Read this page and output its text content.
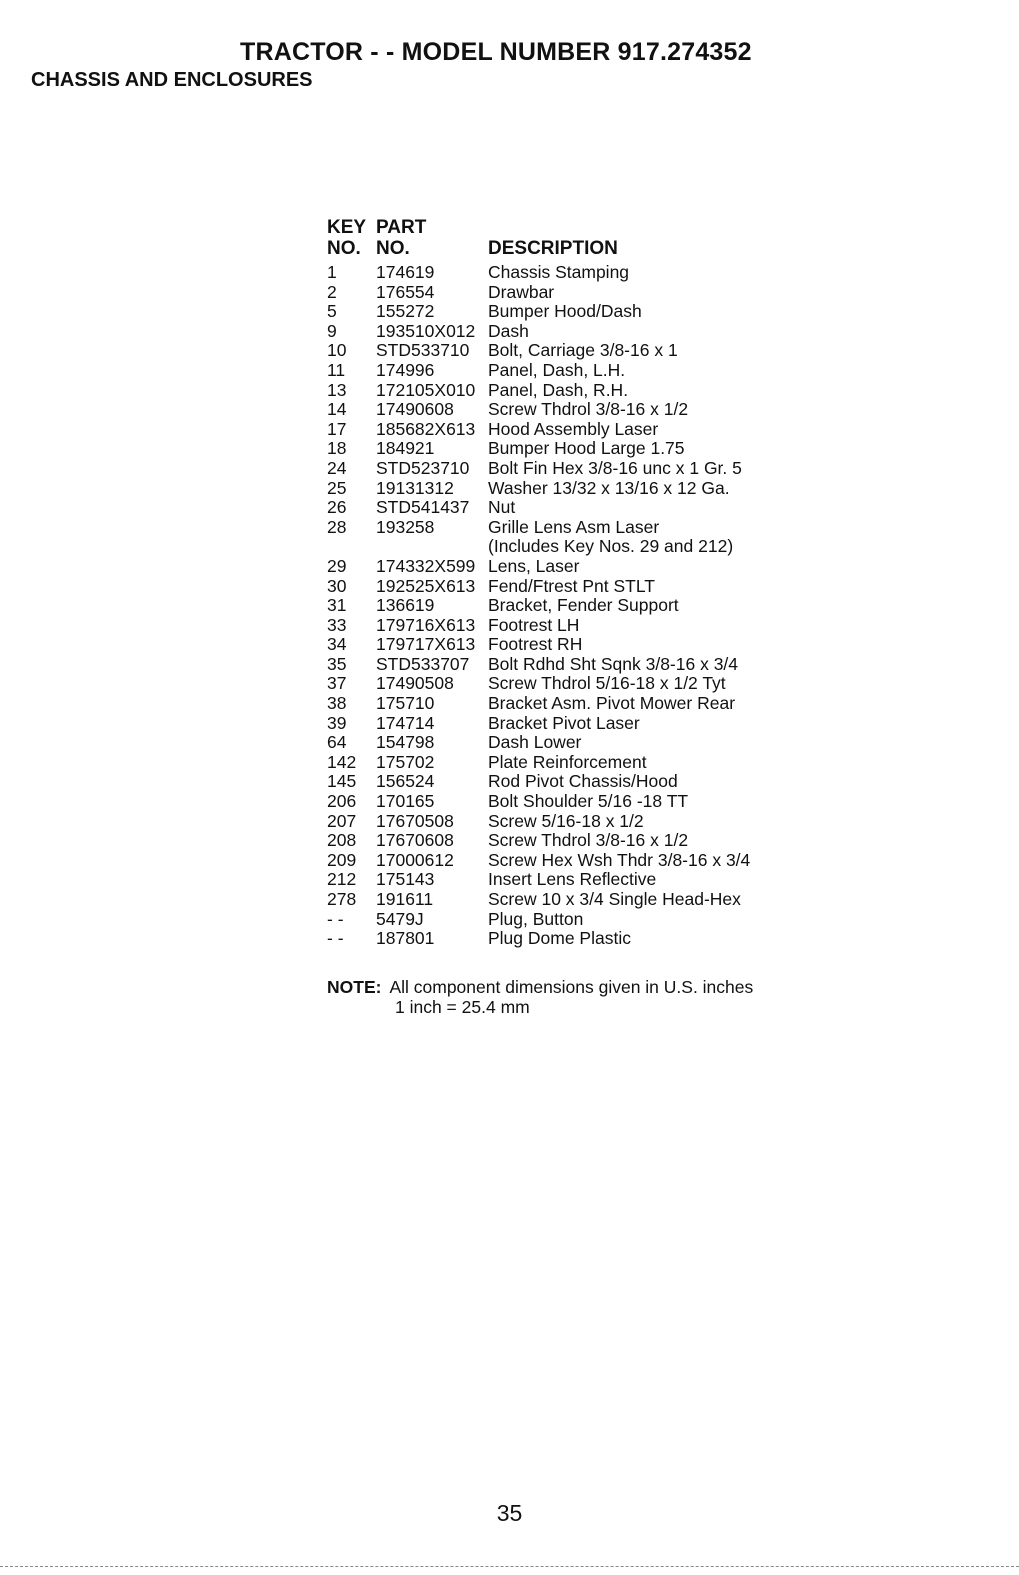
TRACTOR - - MODEL NUMBER 917.274352
CHASSIS AND ENCLOSURES
KEY PART
NO. NO.	DESCRIPTION
1	174619	Chassis Stamping
2	176554	Drawbar
5	155272	Bumper Hood/Dash
9	193510X012 Dash
10	STD533710	Bolt, Carriage 3/8-16 x 1
11	174996	Panel, Dash, L.H.
13	172105X010 Panel, Dash, R.H.
14	17490608	Screw Thdrol 3/8-16 x 1/2
17	185682X613 Hood Assembly Laser
18	184921	Bumper Hood Large 1.75
24	STD523710	Bolt Fin Hex 3/8-16 unc x 1 Gr. 5
25	19131312	Washer 13/32 x 13/16 x 12 Ga.
26	STD541437	Nut
28	193258	Grille Lens Asm Laser
(Includes Key Nos. 29 and 212)
29	174332X599 Lens, Laser
30	192525X613 Fend/Ftrest Pnt STLT
31	136619	Bracket, Fender Support
33	179716X613 Footrest LH
34	179717X613 Footrest RH
35	STD533707	Bolt Rdhd Sht Sqnk 3/8-16 x 3/4
37	17490508	Screw Thdrol 5/16-18 x 1/2 Tyt
38	175710	Bracket Asm. Pivot Mower Rear
39	174714	Bracket Pivot Laser
64	154798	Dash Lower
142	175702	Plate Reinforcement
145	156524	Rod Pivot Chassis/Hood
206	170165	Bolt Shoulder 5/16 -18 TT
207	17670508	Screw 5/16-18 x 1/2
208	17670608	Screw Thdrol 3/8-16 x 1/2
209	17000612	Screw Hex Wsh Thdr 3/8-16 x 3/4
212	175143	Insert Lens Reflective
278	191611	Screw 10 x 3/4 Single Head-Hex
- -	5479J	Plug, Button
- -	187801	Plug Dome Plastic
NOTE: All component dimensions given in U.S. inches
1 inch = 25.4 mm
35
